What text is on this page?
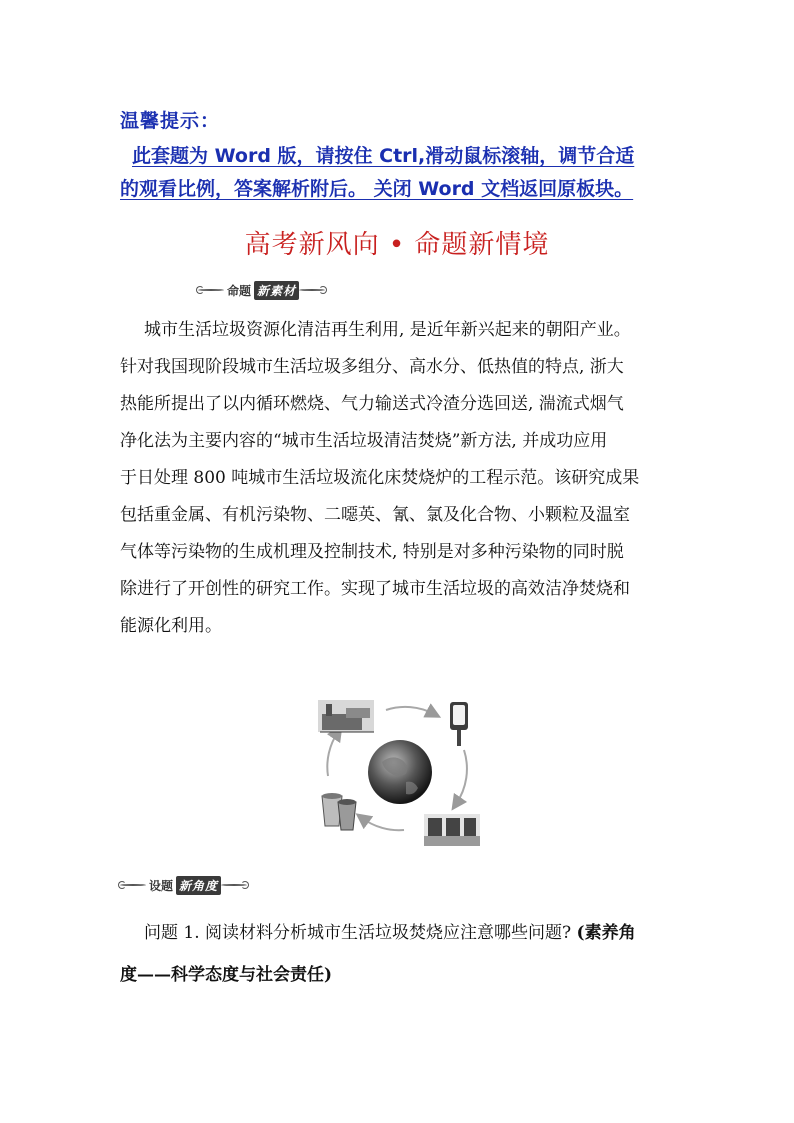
温馨提示：
此套题为 Word 版，请按住 Ctrl,滑动鼠标滚轴，调节合适
的观看比例，答案解析附后。 关闭 Word 文档返回原板块。
高考新风向 • 命题新情境
命题 新素材
城市生活垃圾资源化清洁再生利用, 是近年新兴起来的朝阳产业。
针对我国现阶段城市生活垃圾多组分、高水分、低热值的特点, 浙大
热能所提出了以内循环燃烧、气力输送式冷渣分选回送, 湍流式烟气
净化法为主要内容的“城市生活垃圾清洁焚烧”新方法, 并成功应用
于日处理 800 吨城市生活垃圾流化床焚烧炉的工程示范。该研究成果
包括重金属、有机污染物、二噁英、氰、氯及化合物、小颗粒及温室
气体等污染物的生成机理及控制技术, 特别是对多种污染物的同时脱
除进行了开创性的研究工作。实现了城市生活垃圾的高效洁净焚烧和
能源化利用。
设题 新角度
问题 1. 阅读材料分析城市生活垃圾焚烧应注意哪些问题? (素养角
度——科学态度与社会责任)
